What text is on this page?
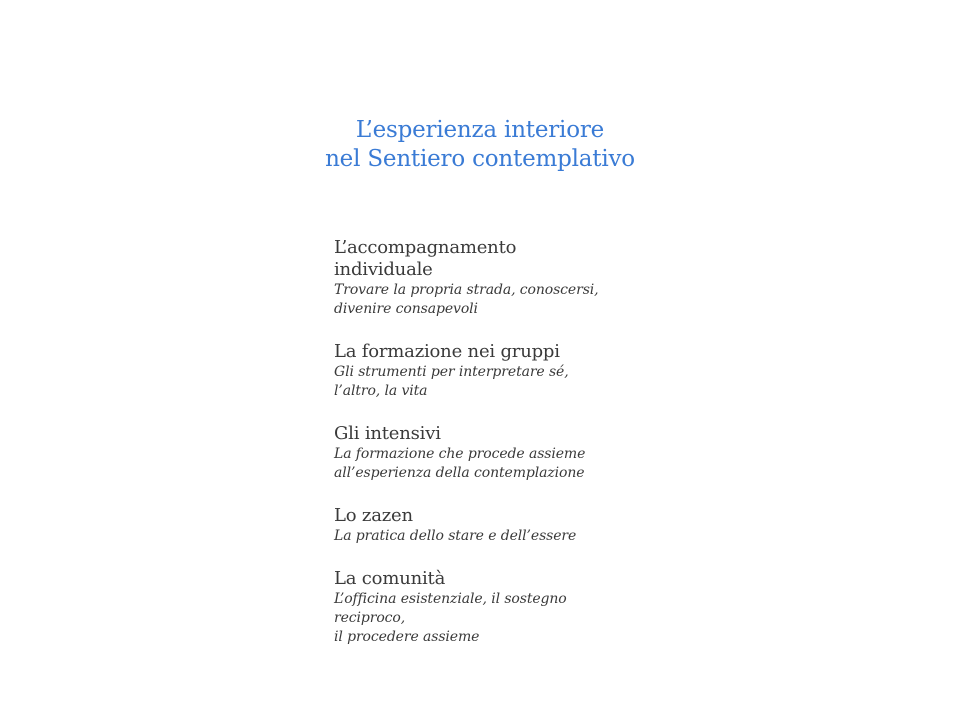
L’esperienza interiore
nel Sentiero contemplativo
L’accompagnamento
individuale
Trovare la propria strada, conoscersi,
divenire consapevoli
La formazione nei gruppi
Gli strumenti per interpretare sé,
l’altro, la vita
Gli intensivi
La formazione che procede assieme
all’esperienza della contemplazione
Lo zazen
La pratica dello stare e dell’essere
La comunità
L’officina esistenziale, il sostegno
reciproco,
il procedere assieme
